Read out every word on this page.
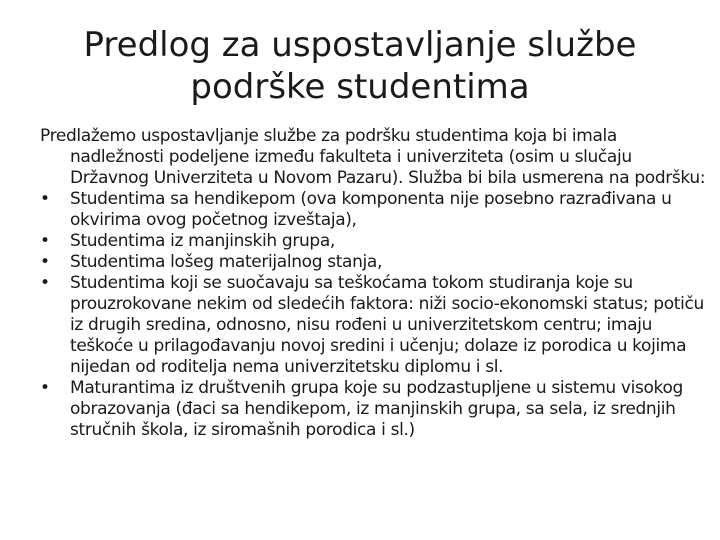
Predlog za uspostavljanje službe
podrške studentima

Predlažemo uspostavljanje službe za podršku studentima koja bi imala nadležnosti podeljene između fakulteta i univerziteta (osim u slučaju Državnog Univerziteta u Novom Pazaru). Služba bi bila usmerena na podršku:

•	Studentima sa hendikepom (ova komponenta nije posebno razrađivana u okvirima ovog početnog izveštaja),
•	Studentima iz manjinskih grupa,
•	Studentima lošeg materijalnog stanja,
•	Studentima koji se suočavaju sa teškoćama tokom studiranja koje su prouzrokovane nekim od sledećih faktora: niži socio-ekonomski status; potiču iz drugih sredina, odnosno, nisu rođeni u univerzitetskom centru; imaju teškoće u prilagođavanju novoj sredini i učenju; dolaze iz porodica u kojima nijedan od roditelja nema univerzitetsku diplomu i sl.
•	Maturantima iz društvenih grupa koje su podzastupljene u sistemu visokog obrazovanja (đaci sa hendikepom, iz manjinskih grupa, sa sela, iz srednjih stručnih škola, iz siromašnih porodica i sl.)
